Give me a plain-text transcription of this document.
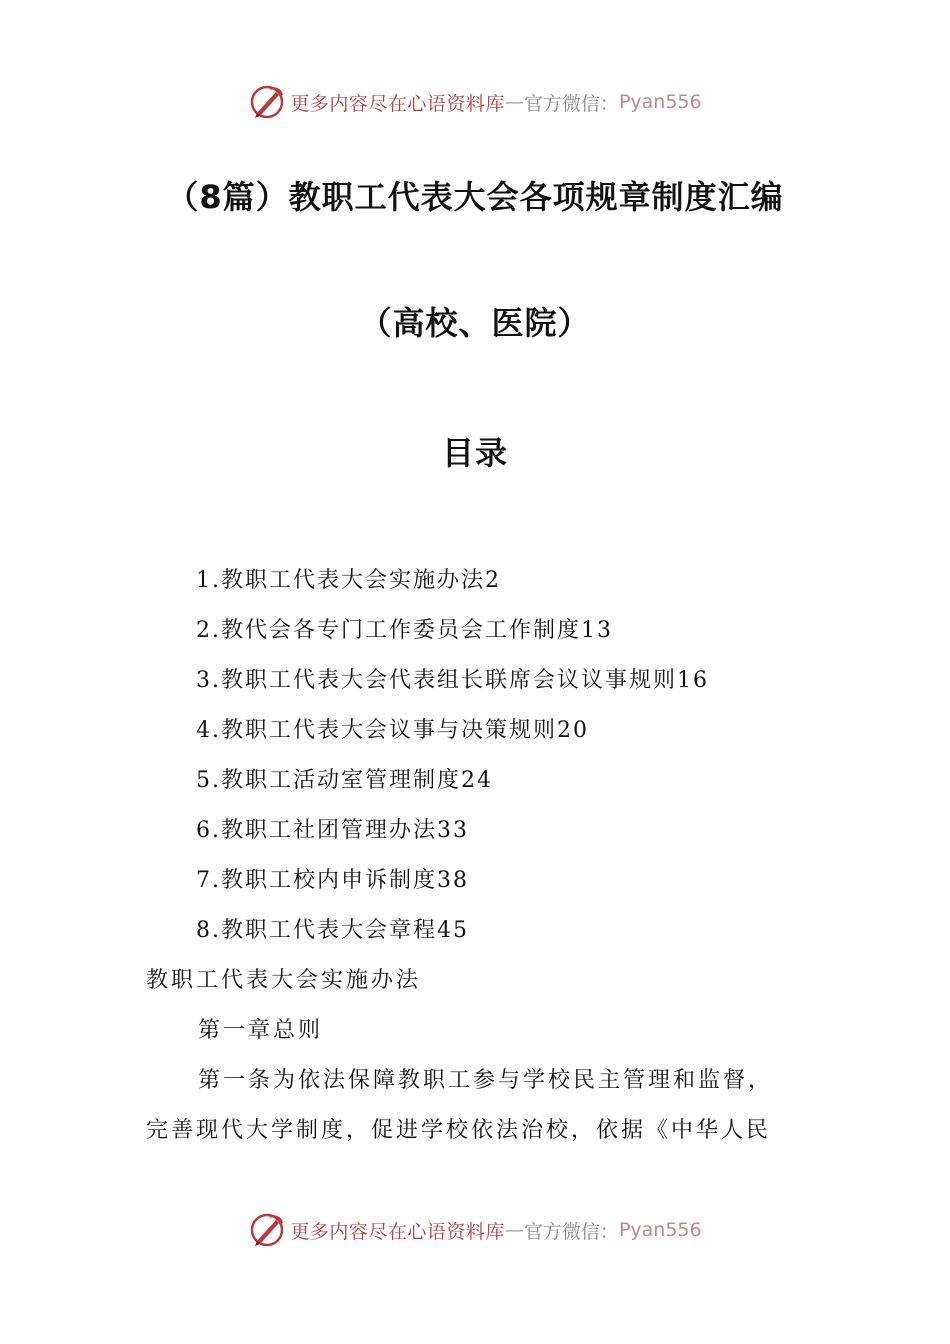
更多内容尽在心语资料库 — 官方微信： Pyan556
（8篇）教职工代表大会各项规章制度汇编
（高校、医院）
目录
1.教职工代表大会实施办法2
2.教代会各专门工作委员会工作制度13
3.教职工代表大会代表组长联席会议议事规则16
4.教职工代表大会议事与决策规则20
5.教职工活动室管理制度24
6.教职工社团管理办法33
7.教职工校内申诉制度38
8.教职工代表大会章程45
教职工代表大会实施办法
第一章总则
第一条为依法保障教职工参与学校民主管理和监督，
完善现代大学制度，促进学校依法治校，依据《中华人民
更多内容尽在心语资料库 — 官方微信： Pyan556
